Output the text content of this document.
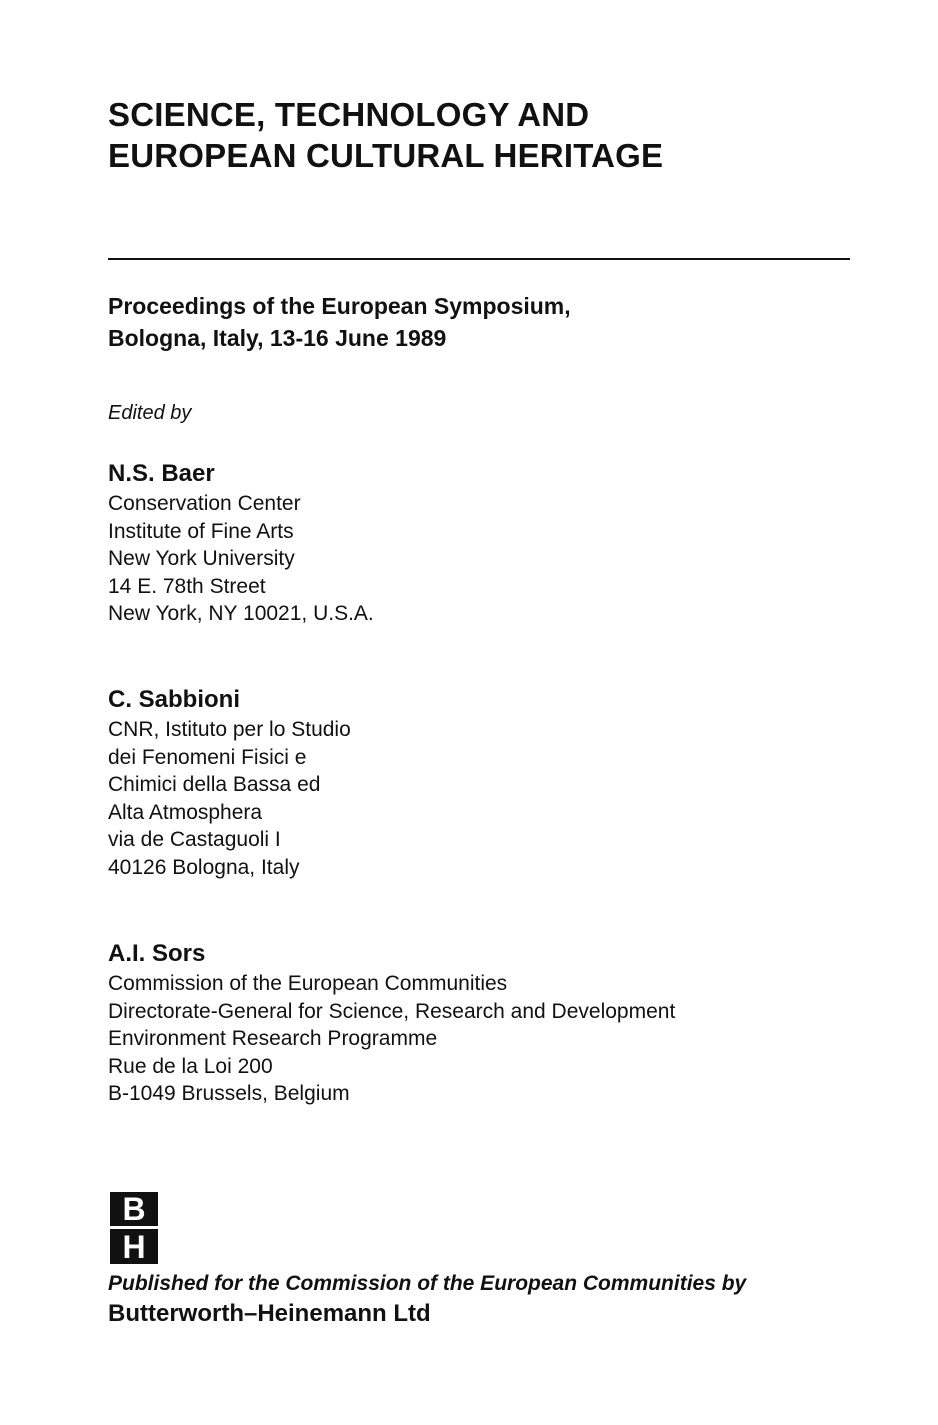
SCIENCE, TECHNOLOGY AND
EUROPEAN CULTURAL HERITAGE
Proceedings of the European Symposium,
Bologna, Italy, 13-16 June 1989
Edited by
N.S. Baer
Conservation Center
Institute of Fine Arts
New York University
14 E. 78th Street
New York, NY 10021, U.S.A.
C. Sabbioni
CNR, Istituto per lo Studio
dei Fenomeni Fisici e
Chimici della Bassa ed
Alta Atmosphera
via de Castaguoli I
40126 Bologna, Italy
A.I. Sors
Commission of the European Communities
Directorate-General for Science, Research and Development
Environment Research Programme
Rue de la Loi 200
B-1049 Brussels, Belgium
B
H
Published for the Commission of the European Communities by
Butterworth–Heinemann Ltd
